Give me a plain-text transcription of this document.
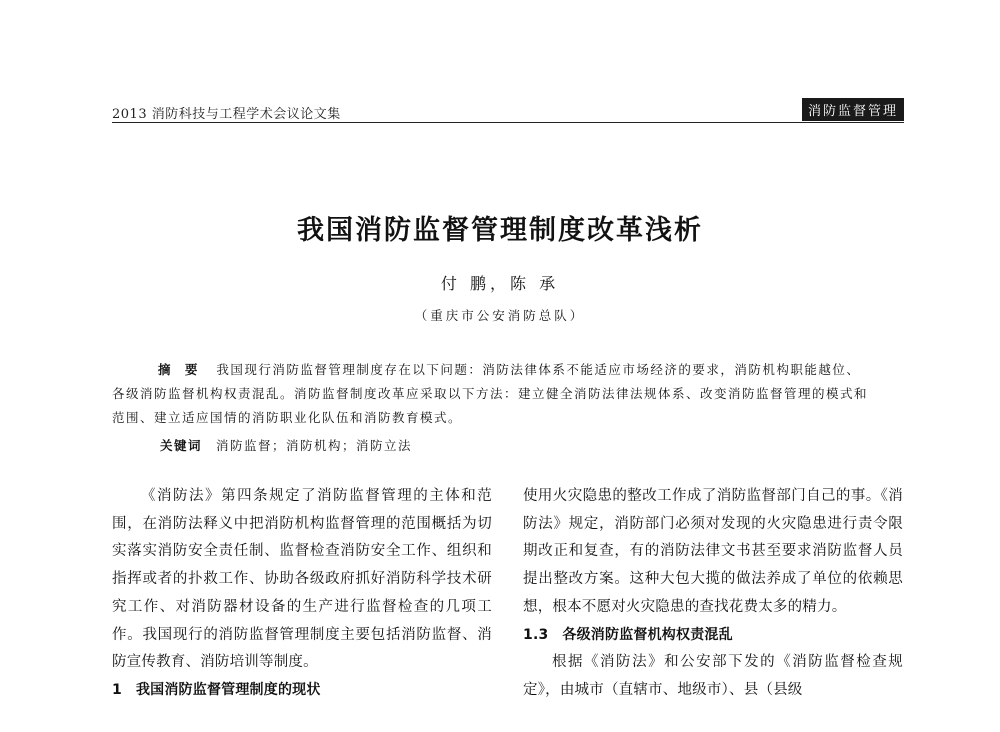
2013 消防科技与工程学术会议论文集	消防监督管理
我国消防监督管理制度改革浅析
付 鹏，陈 承
（重庆市公安消防总队）
摘 要 我国现行消防监督管理制度存在以下问题：消防法律体系不能适应市场经济的要求，消防机构职能越位、各级消防监督机构权责混乱。消防监督制度改革应采取以下方法：建立健全消防法律法规体系、改变消防监督管理的模式和范围、建立适应国情的消防职业化队伍和消防教育模式。
关键词 消防监督；消防机构；消防立法

《消防法》第四条规定了消防监督管理的主体和范围，在消防法释义中把消防机构监督管理的范围概括为切实落实消防安全责任制、监督检查消防安全工作、组织和指挥或者的扑救工作、协助各级政府抓好消防科学技术研究工作、对消防器材设备的生产进行监督检查的几项工作。我国现行的消防监督管理制度主要包括消防监督、消防宣传教育、消防培训等制度。

1 我国消防监督管理制度的现状

使用火灾隐患的整改工作成了消防监督部门自己的事。《消防法》规定，消防部门必须对发现的火灾隐患进行责令限期改正和复查，有的消防法律文书甚至要求消防监督人员提出整改方案。这种大包大揽的做法养成了单位的依赖思想，根本不愿对火灾隐患的查找花费太多的精力。

1.3 各级消防监督机构权责混乱

根据《消防法》和公安部下发的《消防监督检查规定》，由城市（直辖市、地级市）、县（县级
